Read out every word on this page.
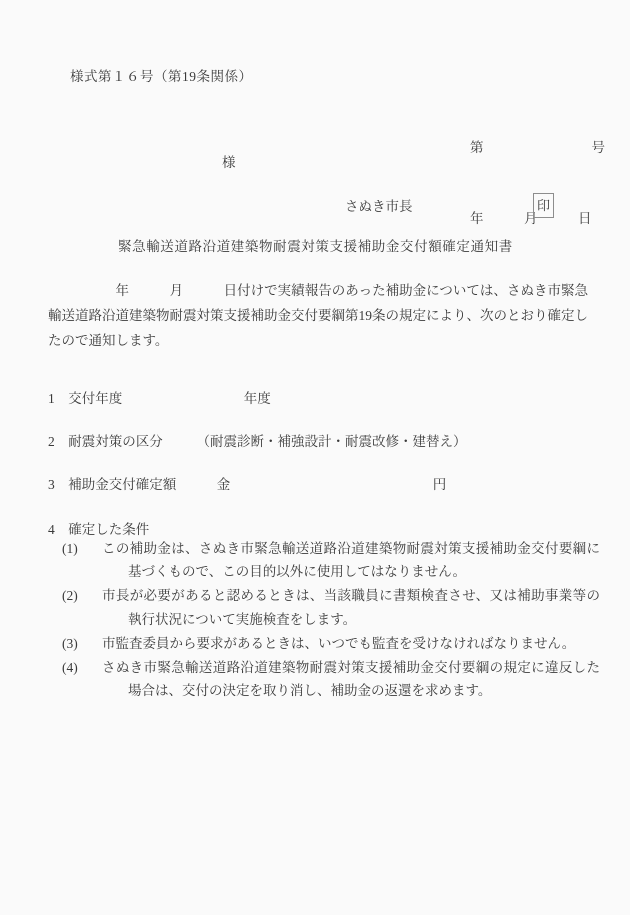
様式第１６号（第19条関係）

第　　　　　　　　号

年　　　月　　　日

様
さぬき市長	印
緊急輸送道路沿道建築物耐震対策支援補助金交付額確定通知書
　　　　　年　　　月　　　日付けで実績報告のあった補助金については、さぬき市緊急輸送道路沿道建築物耐震対策支援補助金交付要綱第19条の規定により、次のとおり確定したので通知します。
1　交付年度　　　　　　　　　年度
2　耐震対策の区分　　　（耐震診断・補強設計・耐震改修・建替え）
3　補助金交付確定額　　　金　　　　　　　　　　　　　　　円
4　確定した条件
(1)	この補助金は、さぬき市緊急輸送道路沿道建築物耐震対策支援補助金交付要綱に基づくもので、この目的以外に使用してはなりません。
(2)	市長が必要があると認めるときは、当該職員に書類検査させ、又は補助事業等の執行状況について実施検査をします。
(3)	市監査委員から要求があるときは、いつでも監査を受けなければなりません。
(4)	さぬき市緊急輸送道路沿道建築物耐震対策支援補助金交付要綱の規定に違反した場合は、交付の決定を取り消し、補助金の返還を求めます。
